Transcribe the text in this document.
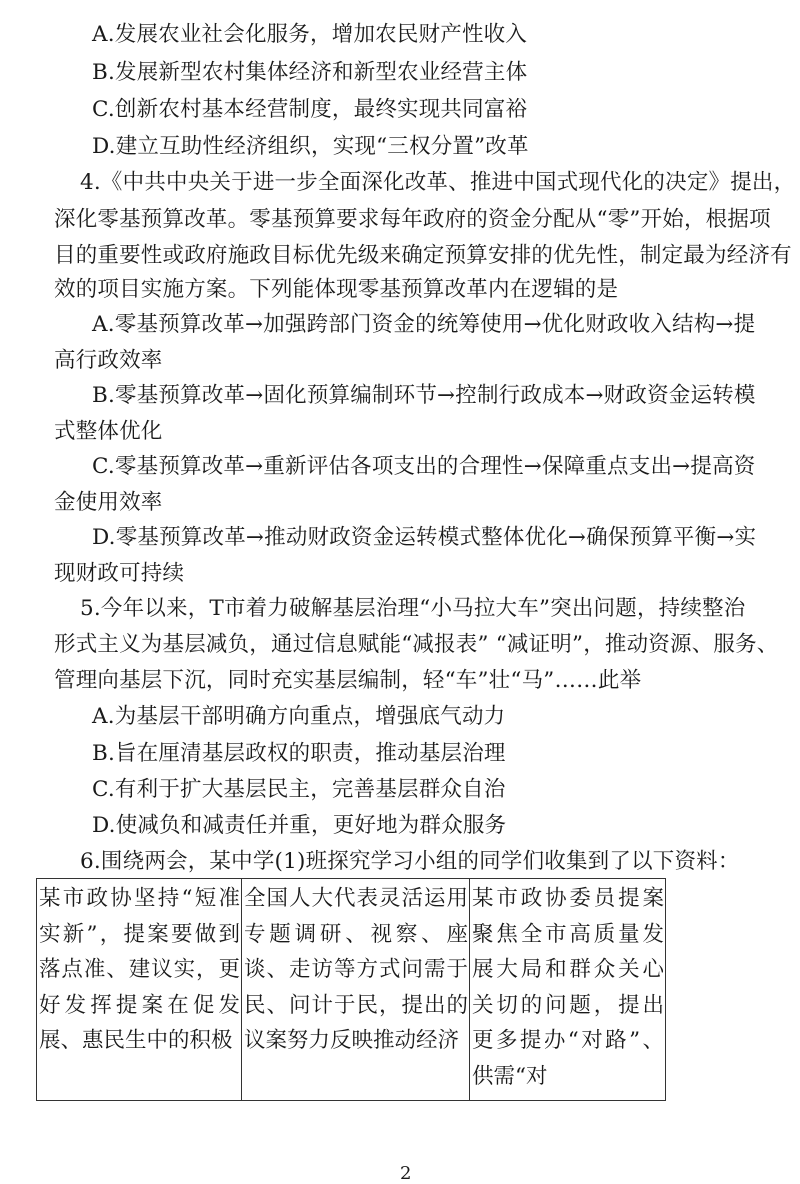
A.发展农业社会化服务，增加农民财产性收入
B.发展新型农村集体经济和新型农业经营主体
C.创新农村基本经营制度，最终实现共同富裕
D.建立互助性经济组织，实现“三权分置”改革
4.《中共中央关于进一步全面深化改革、推进中国式现代化的决定》提出，
深化零基预算改革。零基预算要求每年政府的资金分配从“零”开始，根据项
目的重要性或政府施政目标优先级来确定预算安排的优先性，制定最为经济有
效的项目实施方案。下列能体现零基预算改革内在逻辑的是
A.零基预算改革→加强跨部门资金的统筹使用→优化财政收入结构→提
高行政效率
B.零基预算改革→固化预算编制环节→控制行政成本→财政资金运转模
式整体优化
C.零基预算改革→重新评估各项支出的合理性→保障重点支出→提高资
金使用效率
D.零基预算改革→推动财政资金运转模式整体优化→确保预算平衡→实
现财政可持续
5.今年以来，T市着力破解基层治理“小马拉大车”突出问题，持续整治
形式主义为基层减负，通过信息赋能“减报表” “减证明”，推动资源、服务、
管理向基层下沉，同时充实基层编制，轻“车”壮“马”……此举
A.为基层干部明确方向重点，增强底气动力
B.旨在厘清基层政权的职责，推动基层治理
C.有利于扩大基层民主，完善基层群众自治
D.使减负和减责任并重，更好地为群众服务
6.围绕两会，某中学(1)班探究学习小组的同学们收集到了以下资料：
某市政协坚持“短准实新”，提案要做到落点准、建议实，更好发挥提案在促发展、惠民生中的积极	全国人大代表灵活运用专题调研、视察、座谈、走访等方式问需于民、问计于民，提出的议案努力反映推动经济	某市政协委员提案聚焦全市高质量发展大局和群众关心关切的问题，提出更多提办“对路”、供需“对
2
